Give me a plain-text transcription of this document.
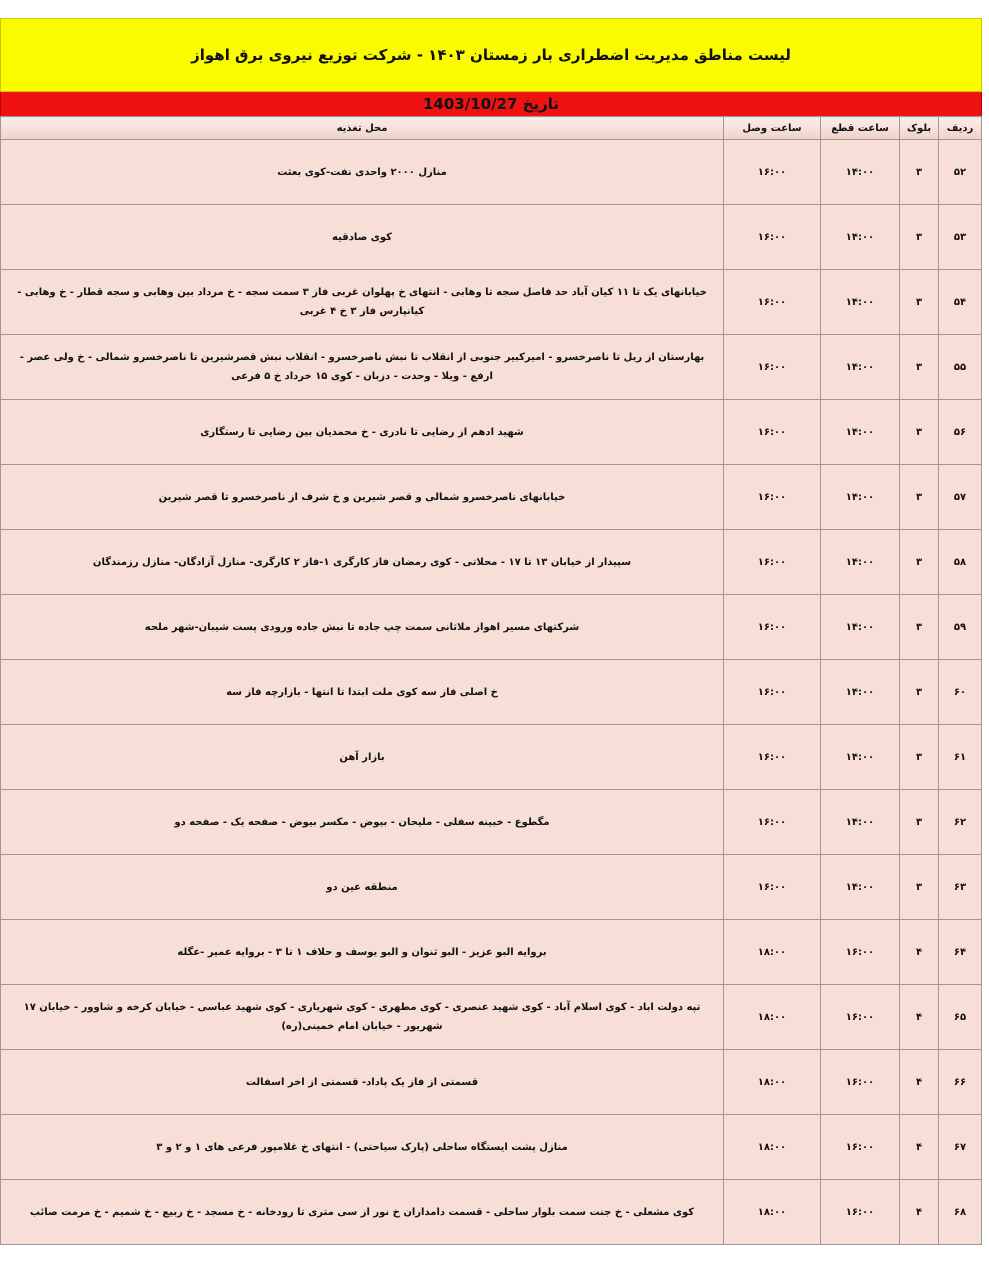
لیست مناطق مدیریت اضطراری بار زمستان ۱۴۰۳ - شرکت توزیع نیروی برق اهواز
تاریخ

1403/10/27
ردیف	بلوک	ساعت قطع	ساعت وصل	محل تغذیه
۵۲	۳	۱۴:۰۰	۱۶:۰۰	منازل ۲۰۰۰ واحدی نفت-کوی بعثت
۵۳	۳	۱۴:۰۰	۱۶:۰۰	کوی صادقیه
۵۴	۳	۱۴:۰۰	۱۶:۰۰	خیابانهای یک تا ۱۱ کیان آباد حد فاصل سجه تا وهابی - انتهای خ پهلوان غربی فاز ۳ سمت سجه - خ مرداد بین وهابی و سجه قطار - خ وهابی - کیانپارس فاز ۳ خ ۴ غربی
۵۵	۳	۱۴:۰۰	۱۶:۰۰	بهارستان از ریل تا ناصرخسرو - امیرکبیر جنوبی از انقلاب تا نبش ناصرخسرو - انقلاب نبش قصرشیرین تا ناصرخسرو شمالی - خ ولی عصر - ارفع - ویلا - وحدت - دزبان - کوی ۱۵ خرداد خ ۵ فرعی
۵۶	۳	۱۴:۰۰	۱۶:۰۰	شهید ادهم از رضایی تا نادری - خ محمدیان بین رضایی تا رستگاری
۵۷	۳	۱۴:۰۰	۱۶:۰۰	خیابانهای ناصرخسرو شمالی و قصر شیرین و خ شرف از ناصرخسرو تا قصر شیرین
۵۸	۳	۱۴:۰۰	۱۶:۰۰	سپیدار از خیابان ۱۳ تا ۱۷ - محلاتی - کوی رمضان فاز کارگری ۱-فاز ۲ کارگری- منازل آزادگان- منازل رزمندگان
۵۹	۳	۱۴:۰۰	۱۶:۰۰	شرکتهای مسیر اهواز ملاثانی سمت چپ جاده تا نبش جاده ورودی پست شیبان-شهر ملحه
۶۰	۳	۱۴:۰۰	۱۶:۰۰	خ اصلی فاز سه کوی ملت ابتدا تا انتها - بازارچه فاز سه
۶۱	۳	۱۴:۰۰	۱۶:۰۰	بازار آهن
۶۲	۳	۱۴:۰۰	۱۶:۰۰	مگطوع - خبینه سفلی - ملیحان - بیوض - مکسر بیوض - صفحه یک - صفحه دو
۶۳	۳	۱۴:۰۰	۱۶:۰۰	منطقه عین دو
۶۴	۴	۱۶:۰۰	۱۸:۰۰	بروایه البو عزیز - البو ثنوان و البو یوسف و حلاف ۱ تا ۳ - بروایه عمیر -عگله
۶۵	۴	۱۶:۰۰	۱۸:۰۰	تپه دولت اباد - کوی اسلام آباد - کوی شهید عنصری - کوی مطهری - کوی شهریاری - کوی شهید عباسی - خیابان کرخه و شاوور - خیابان ۱۷ شهریور - خیابان امام خمینی(ره)
۶۶	۴	۱۶:۰۰	۱۸:۰۰	قسمتی از فاز یک پاداد- قسمتی از اخر اسفالت
۶۷	۴	۱۶:۰۰	۱۸:۰۰	منازل پشت ایستگاه ساحلی (پارک سیاحتی) - انتهای خ غلامپور فرعی های ۱ و ۲ و ۳
۶۸	۴	۱۶:۰۰	۱۸:۰۰	کوی مشعلی - خ جنت سمت بلوار ساحلی - قسمت دامداران خ نور از سی متری تا رودخانه - خ مسجد - خ ربیع - خ شمیم - خ مرمت صائب
